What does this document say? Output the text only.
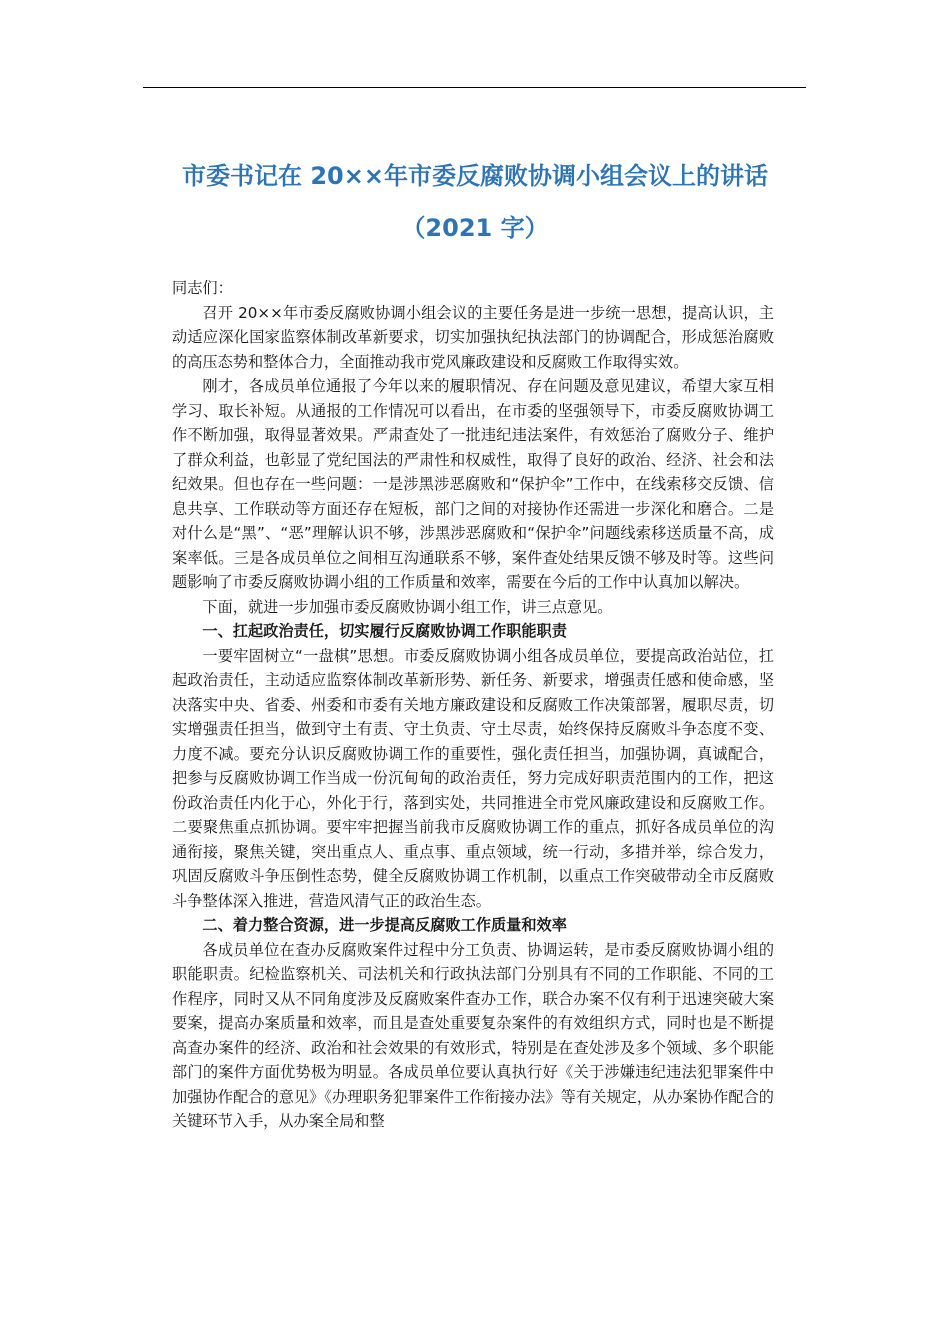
市委书记在 20××年市委反腐败协调小组会议上的讲话
（2021 字）

同志们：

召开 20××年市委反腐败协调小组会议的主要任务是进一步统一思想，提高认识，主动适应深化国家监察体制改革新要求，切实加强执纪执法部门的协调配合，形成惩治腐败的高压态势和整体合力，全面推动我市党风廉政建设和反腐败工作取得实效。

刚才，各成员单位通报了今年以来的履职情况、存在问题及意见建议，希望大家互相学习、取长补短。从通报的工作情况可以看出，在市委的坚强领导下，市委反腐败协调工作不断加强，取得显著效果。严肃查处了一批违纪违法案件，有效惩治了腐败分子、维护了群众利益，也彰显了党纪国法的严肃性和权威性，取得了良好的政治、经济、社会和法纪效果。但也存在一些问题：一是涉黑涉恶腐败和“保护伞”工作中，在线索移交反馈、信息共享、工作联动等方面还存在短板，部门之间的对接协作还需进一步深化和磨合。二是对什么是“黑”、“恶”理解认识不够，涉黑涉恶腐败和“保护伞”问题线索移送质量不高，成案率低。三是各成员单位之间相互沟通联系不够，案件查处结果反馈不够及时等。这些问题影响了市委反腐败协调小组的工作质量和效率，需要在今后的工作中认真加以解决。

下面，就进一步加强市委反腐败协调小组工作，讲三点意见。

一、扛起政治责任，切实履行反腐败协调工作职能职责

一要牢固树立“一盘棋”思想。市委反腐败协调小组各成员单位，要提高政治站位，扛起政治责任，主动适应监察体制改革新形势、新任务、新要求，增强责任感和使命感，坚决落实中央、省委、州委和市委有关地方廉政建设和反腐败工作决策部署，履职尽责，切实增强责任担当，做到守土有责、守土负责、守土尽责，始终保持反腐败斗争态度不变、力度不减。要充分认识反腐败协调工作的重要性，强化责任担当，加强协调，真诚配合，把参与反腐败协调工作当成一份沉甸甸的政治责任，努力完成好职责范围内的工作，把这份政治责任内化于心，外化于行，落到实处，共同推进全市党风廉政建设和反腐败工作。二要聚焦重点抓协调。要牢牢把握当前我市反腐败协调工作的重点，抓好各成员单位的沟通衔接，聚焦关键，突出重点人、重点事、重点领域，统一行动，多措并举，综合发力，巩固反腐败斗争压倒性态势，健全反腐败协调工作机制，以重点工作突破带动全市反腐败斗争整体深入推进，营造风清气正的政治生态。

二、着力整合资源，进一步提高反腐败工作质量和效率

各成员单位在查办反腐败案件过程中分工负责、协调运转，是市委反腐败协调小组的职能职责。纪检监察机关、司法机关和行政执法部门分别具有不同的工作职能、不同的工作程序，同时又从不同角度涉及反腐败案件查办工作，联合办案不仅有利于迅速突破大案要案，提高办案质量和效率，而且是查处重要复杂案件的有效组织方式，同时也是不断提高查办案件的经济、政治和社会效果的有效形式，特别是在查处涉及多个领域、多个职能部门的案件方面优势极为明显。各成员单位要认真执行好《关于涉嫌违纪违法犯罪案件中加强协作配合的意见》《办理职务犯罪案件工作衔接办法》等有关规定，从办案协作配合的关键环节入手，从办案全局和整
